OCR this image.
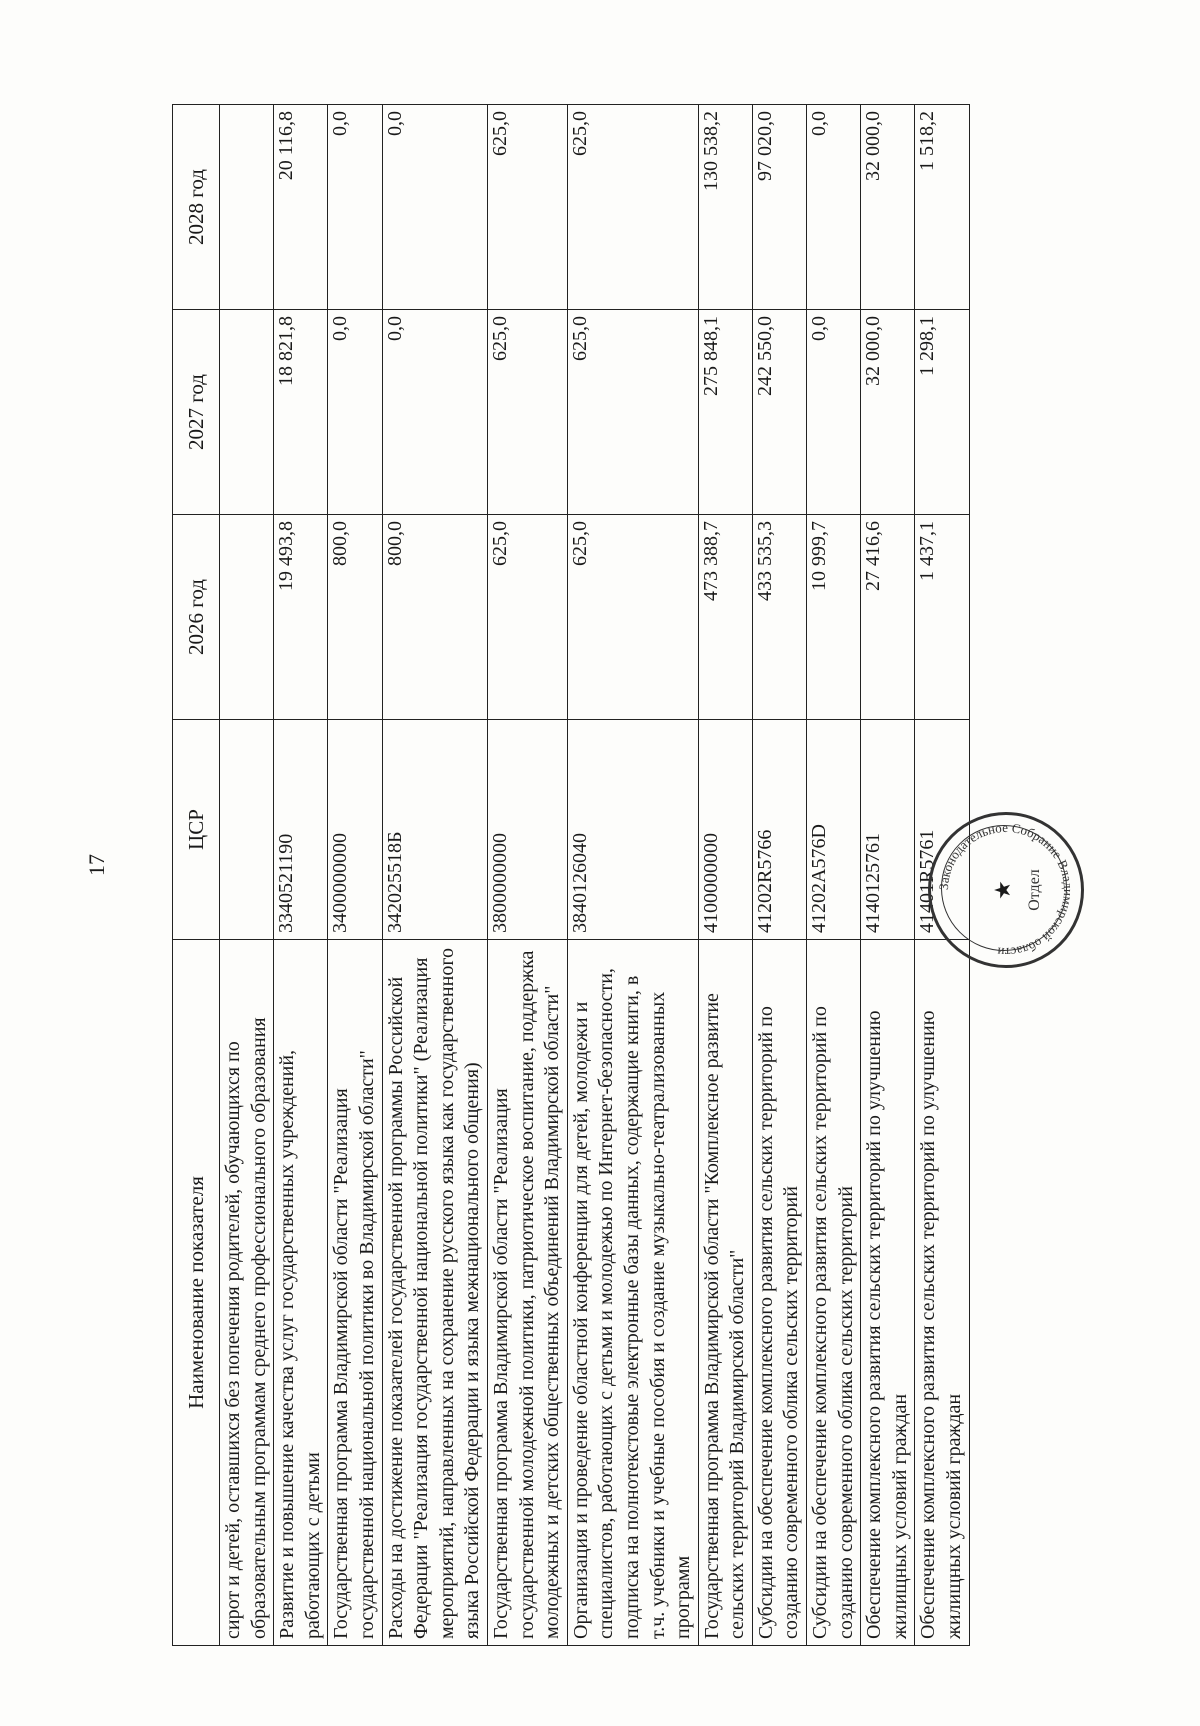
17
Наименование показателя	ЦСР	2026 год	2027 год	2028 год
сирот и детей, оставшихся без попечения родителей, обучающихся по образовательным программам среднего профессионального образования				
Развитие и повышение качества услуг государственных учреждений, работающих с детьми	3340521190	19 493,8	18 821,8	20 116,8
Государственная программа Владимирской области "Реализация государственной национальной политики во Владимирской области"	3400000000	800,0	0,0	0,0
Расходы на достижение показателей государственной программы Российской Федерации "Реализация государственной национальной политики" (Реализация мероприятий, направленных на сохранение русского языка как государственного языка Российской Федерации и языка межнационального общения)	342025518Б	800,0	0,0	0,0
Государственная программа Владимирской области "Реализация государственной молодежной политики, патриотическое воспитание, поддержка молодежных и детских общественных объединений Владимирской области"	3800000000	625,0	625,0	625,0
Организация и проведение областной конференции для детей, молодежи и специалистов, работающих с детьми и молодежью по Интернет-безопасности, подписка на полнотекстовые электронные базы данных, содержащие книги, в т.ч. учебники и учебные пособия и создание музыкально-театрализованных программ	3840126040	625,0	625,0	625,0
Государственная программа Владимирской области "Комплексное развитие сельских территорий Владимирской области"	4100000000	473 388,7	275 848,1	130 538,2
Субсидии на обеспечение комплексного развития сельских территорий по созданию современного облика сельских территорий	41202R5766	433 535,3	242 550,0	97 020,0
Субсидии на обеспечение комплексного развития сельских территорий по созданию современного облика сельских территорий	41202A576D	10 999,7	0,0	0,0
Обеспечение комплексного развития сельских территорий по улучшению жилищных условий граждан	4140125761	27 416,6	32 000,0	32 000,0
Обеспечение комплексного развития сельских территорий по улучшению жилищных условий граждан	41401R5761	1 437,1	1 298,1	1 518,2
Законодательное Собрание Владимирской области
Отдел
★
